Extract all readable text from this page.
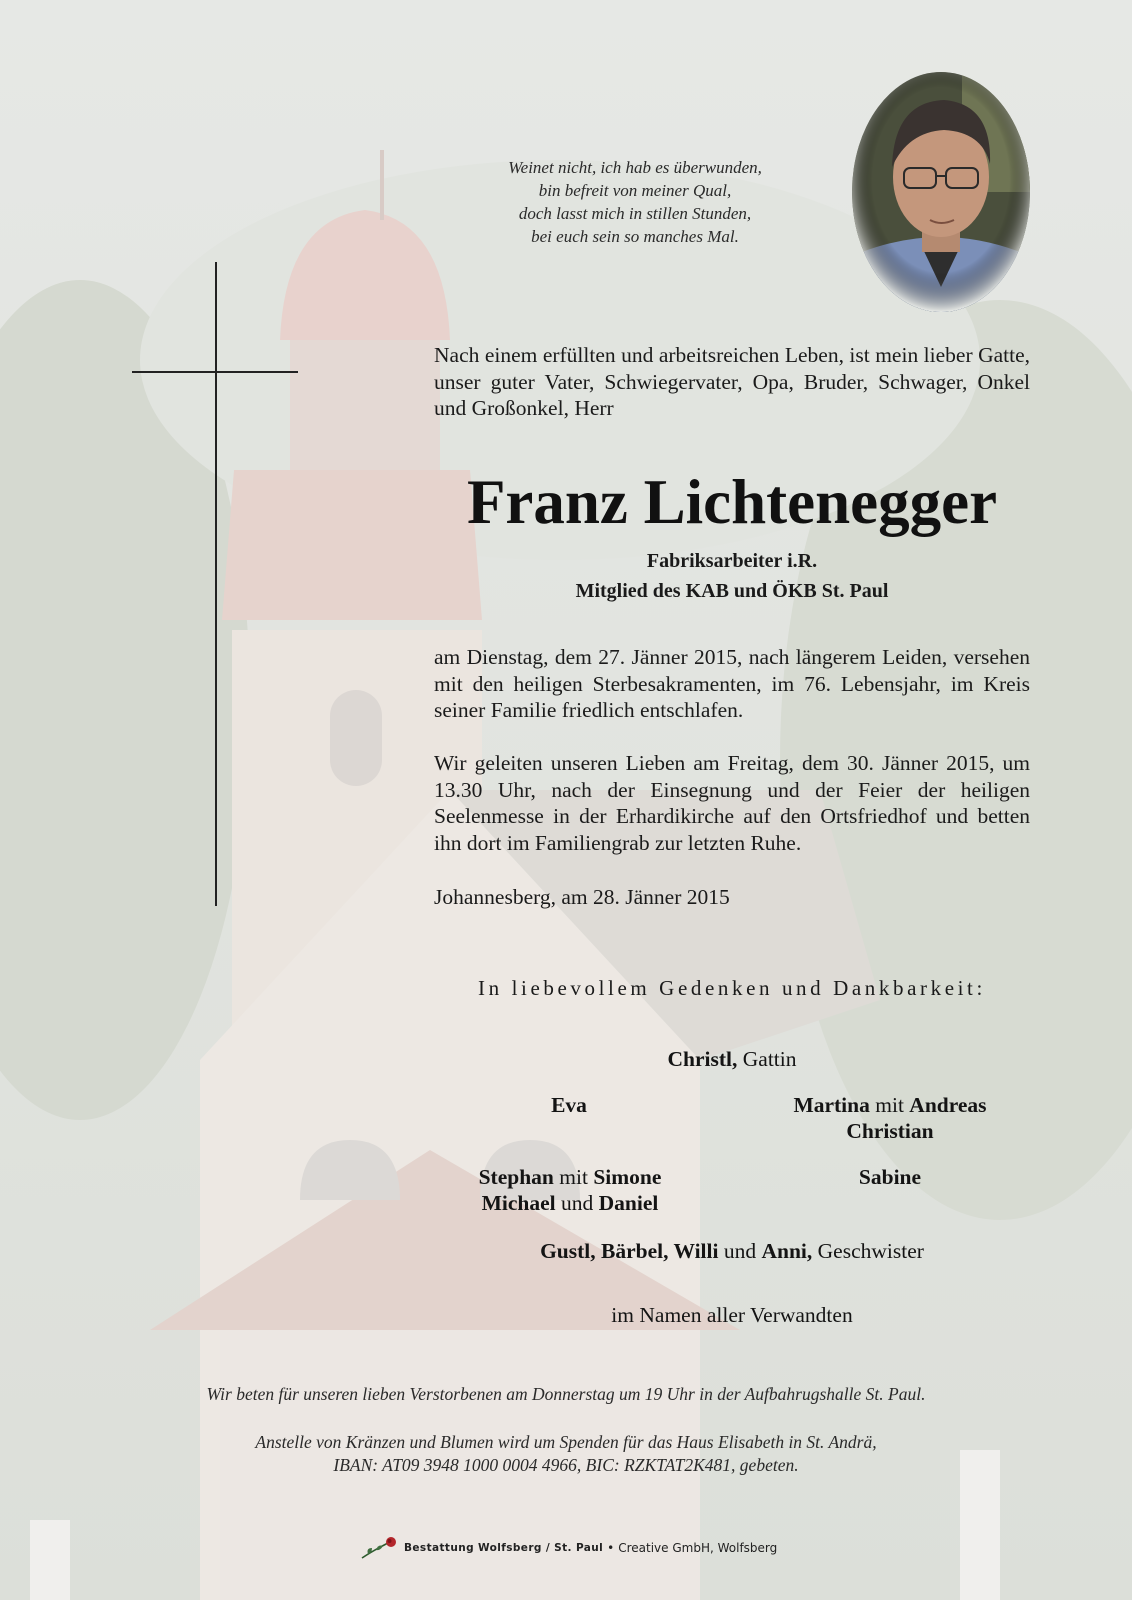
Weinet nicht, ich hab es überwunden,
bin befreit von meiner Qual,
doch lasst mich in stillen Stunden,
bei euch sein so manches Mal.
Nach einem erfüllten und arbeitsreichen Leben, ist mein lieber Gatte, unser guter Vater, Schwiegervater, Opa, Bruder, Schwager, Onkel und Großonkel, Herr
Franz Lichtenegger
Fabriksarbeiter i.R.
Mitglied des KAB und ÖKB St. Paul
am Dienstag, dem 27. Jänner 2015, nach längerem Leiden, versehen mit den heiligen Sterbesakramenten, im 76. Lebensjahr, im Kreis seiner Familie friedlich entschlafen.
Wir geleiten unseren Lieben am Freitag, dem 30. Jänner 2015, um 13.30 Uhr, nach der Einsegnung und der Feier der heiligen Seelenmesse in der Erhardikirche auf den Ortsfriedhof und betten ihn dort im Familiengrab zur letzten Ruhe.
Johannesberg, am 28. Jänner 2015
In liebevollem Gedenken und Dankbarkeit:
Christl, Gattin
Eva	Martina mit Andreas
Christian
Stephan mit Simone
Michael und Daniel
Sabine
Gustl, Bärbel, Willi und Anni, Geschwister
im Namen aller Verwandten
Wir beten für unseren lieben Verstorbenen am Donnerstag um 19 Uhr in der Aufbahrugshalle St. Paul.
Anstelle von Kränzen und Blumen wird um Spenden für das Haus Elisabeth in St. Andrä,
IBAN: AT09 3948 1000 0004 4966, BIC: RZKTAT2K481, gebeten.
Bestattung Wolfsberg / St. Paul • Creative GmbH, Wolfsberg
